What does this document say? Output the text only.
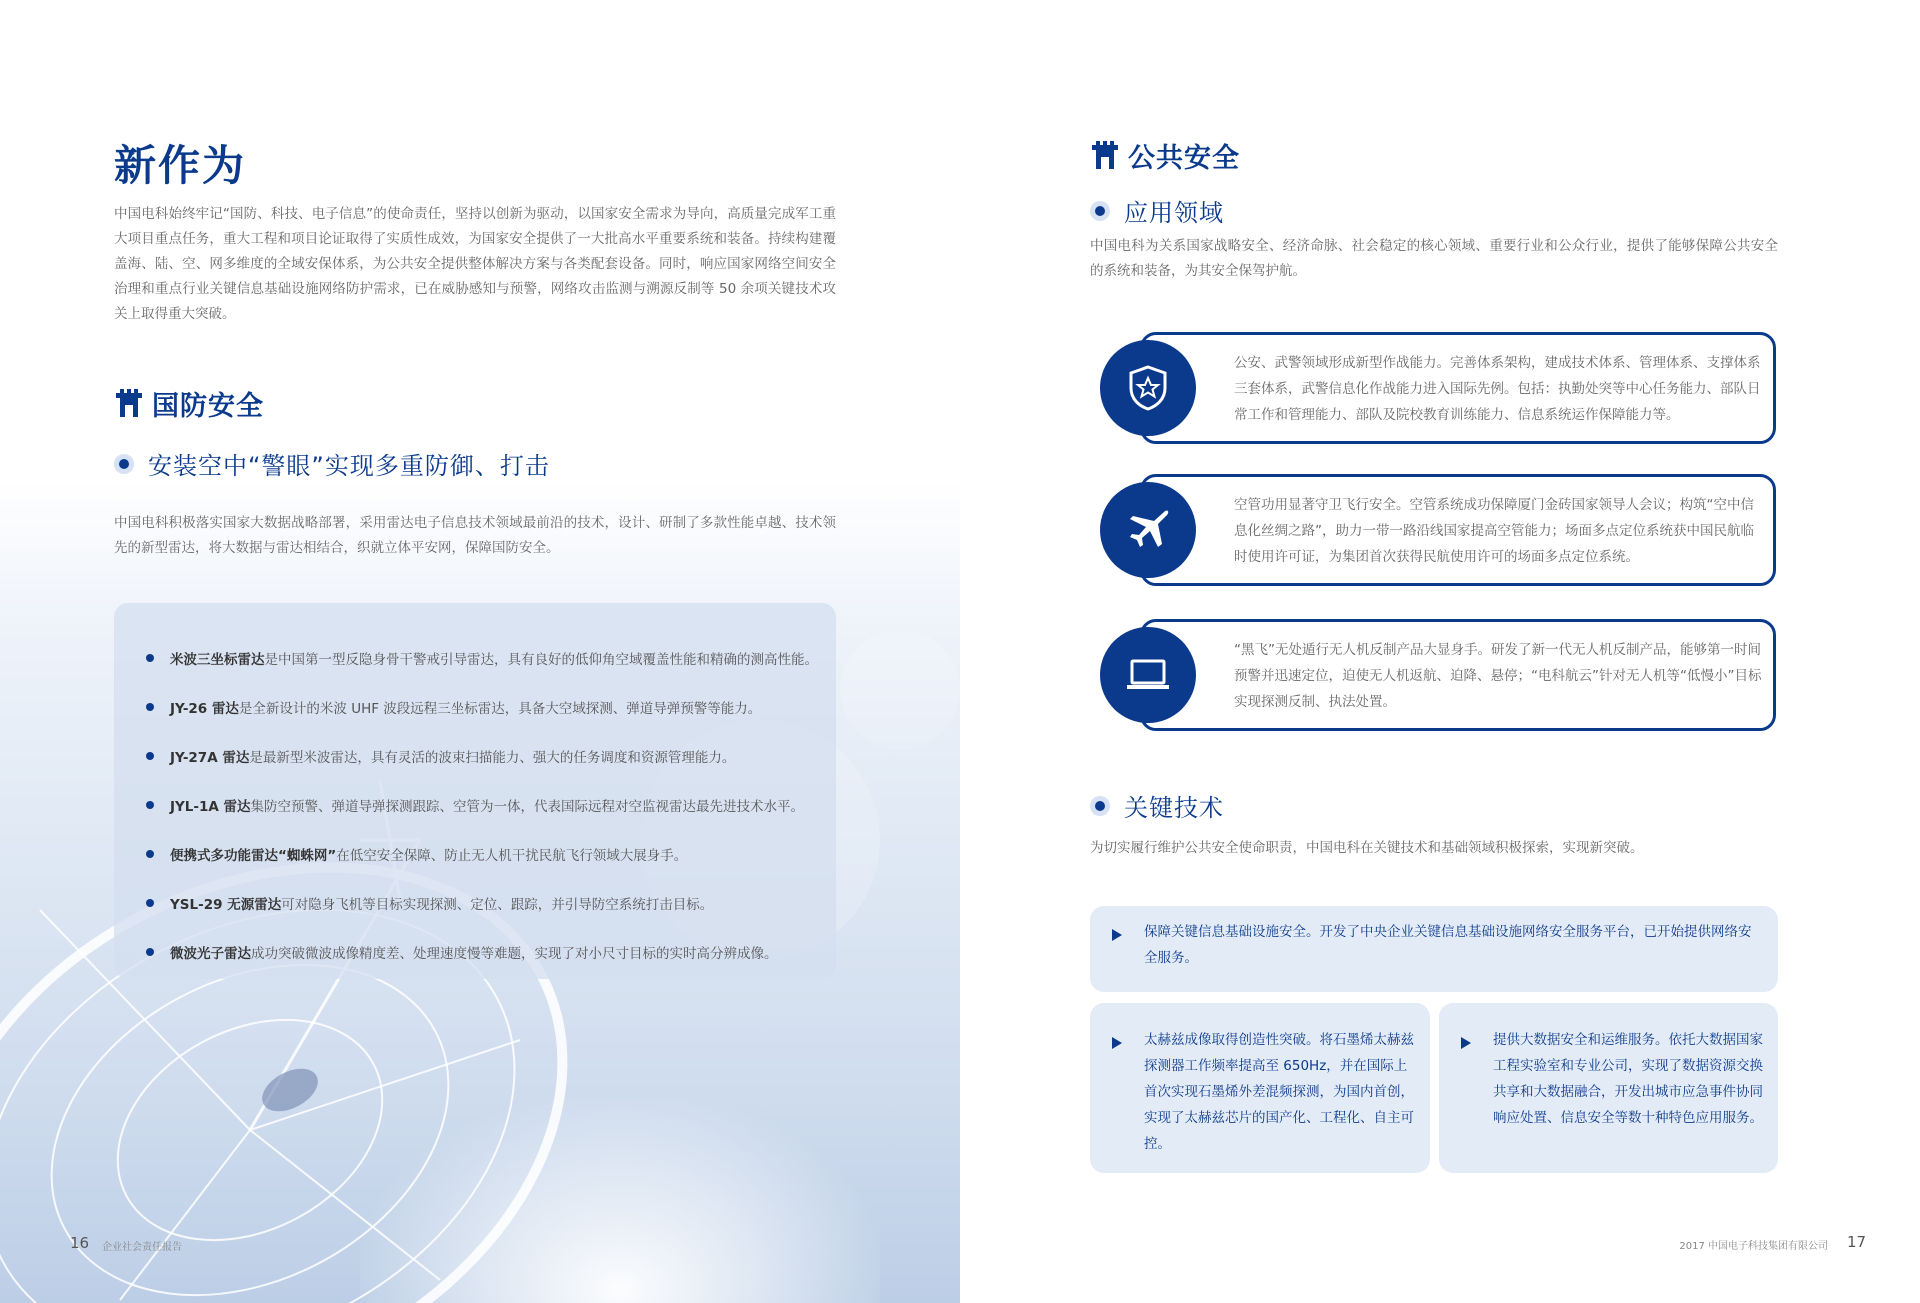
新作为

中国电科始终牢记“国防、科技、电子信息”的使命责任，坚持以创新为驱动，以国家安全需求为导向，高质量完成军工重大项目重点任务，重大工程和项目论证取得了实质性成效，为国家安全提供了一大批高水平重要系统和装备。持续构建覆盖海、陆、空、网多维度的全域安保体系，为公共安全提供整体解决方案与各类配套设备。同时，响应国家网络空间安全治理和重点行业关键信息基础设施网络防护需求，已在威胁感知与预警，网络攻击监测与溯源反制等 50 余项关键技术攻关上取得重大突破。

国防安全
安装空中“警眼”实现多重防御、打击

中国电科积极落实国家大数据战略部署，采用雷达电子信息技术领域最前沿的技术，设计、研制了多款性能卓越、技术领先的新型雷达，将大数据与雷达相结合，织就立体平安网，保障国防安全。

米波三坐标雷达是中国第一型反隐身骨干警戒引导雷达，具有良好的低仰角空域覆盖性能和精确的测高性能。
JY-26 雷达是全新设计的米波 UHF 波段远程三坐标雷达，具备大空域探测、弹道导弹预警等能力。
JY-27A 雷达是最新型米波雷达，具有灵活的波束扫描能力、强大的任务调度和资源管理能力。
JYL-1A 雷达集防空预警、弹道导弹探测跟踪、空管为一体，代表国际远程对空监视雷达最先进技术水平。
便携式多功能雷达“蜘蛛网”在低空安全保障、防止无人机干扰民航飞行领域大展身手。
YSL-29 无源雷达可对隐身飞机等目标实现探测、定位、跟踪，并引导防空系统打击目标。
微波光子雷达成功突破微波成像精度差、处理速度慢等难题，实现了对小尺寸目标的实时高分辨成像。
16 企业社会责任报告
公共安全
应用领域

中国电科为关系国家战略安全、经济命脉、社会稳定的核心领域、重要行业和公众行业，提供了能够保障公共安全的系统和装备，为其安全保驾护航。

公安、武警领域形成新型作战能力。完善体系架构，建成技术体系、管理体系、支撑体系三套体系，武警信息化作战能力进入国际先例。包括：执勤处突等中心任务能力、部队日常工作和管理能力、部队及院校教育训练能力、信息系统运作保障能力等。

空管功用显著守卫飞行安全。空管系统成功保障厦门金砖国家领导人会议；构筑“空中信息化丝绸之路”，助力一带一路沿线国家提高空管能力；场面多点定位系统获中国民航临时使用许可证，为集团首次获得民航使用许可的场面多点定位系统。

“黑飞”无处遁行无人机反制产品大显身手。研发了新一代无人机反制产品，能够第一时间预警并迅速定位，迫使无人机返航、迫降、悬停；“电科航云”针对无人机等“低慢小”目标实现探测反制、执法处置。

关键技术

为切实履行维护公共安全使命职责，中国电科在关键技术和基础领域积极探索，实现新突破。

保障关键信息基础设施安全。开发了中央企业关键信息基础设施网络安全服务平台，已开始提供网络安全服务。

太赫兹成像取得创造性突破。将石墨烯太赫兹探测器工作频率提高至 650Hz，并在国际上首次实现石墨烯外差混频探测，为国内首创，实现了太赫兹芯片的国产化、工程化、自主可控。

提供大数据安全和运维服务。依托大数据国家工程实验室和专业公司，实现了数据资源交换共享和大数据融合，开发出城市应急事件协同响应处置、信息安全等数十种特色应用服务。

2017 中国电子科技集团有限公司 17
